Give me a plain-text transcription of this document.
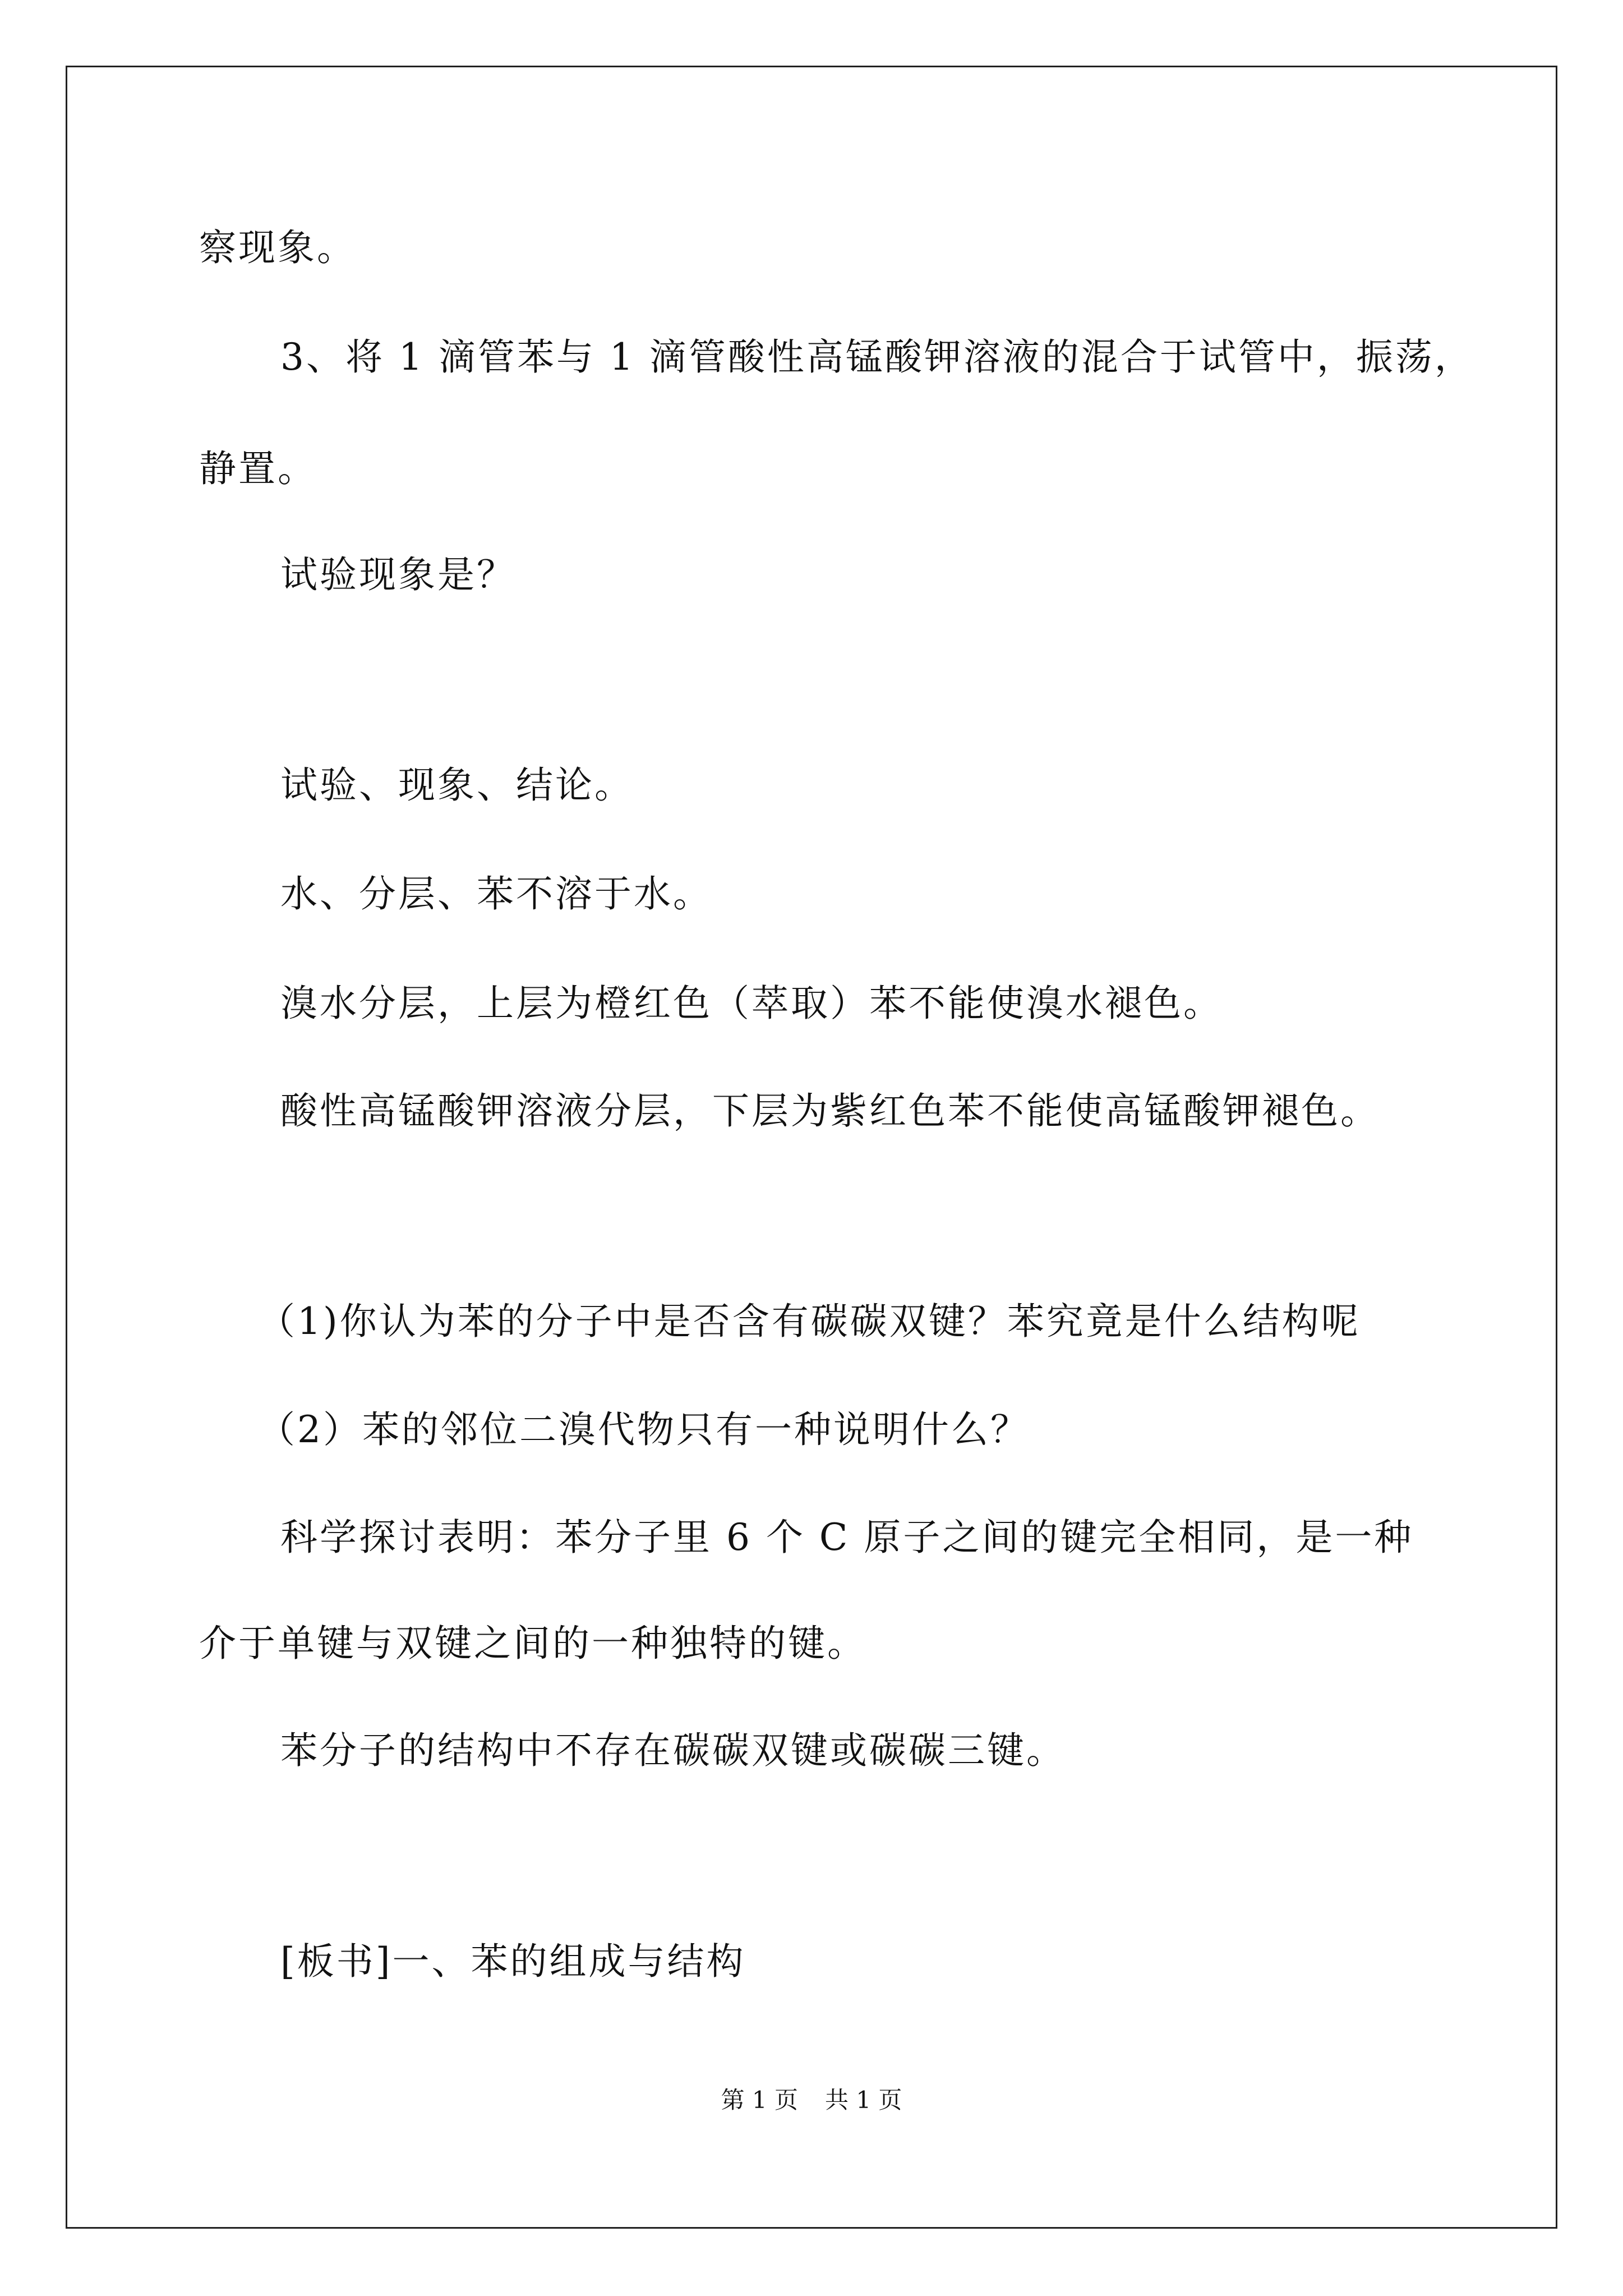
察现象。
3、将 1 滴管苯与 1 滴管酸性高锰酸钾溶液的混合于试管中，振荡，
静置。
试验现象是？
试验、现象、结论。
水、分层、苯不溶于水。
溴水分层，上层为橙红色（萃取）苯不能使溴水褪色。
酸性高锰酸钾溶液分层，下层为紫红色苯不能使高锰酸钾褪色。
（1)你认为苯的分子中是否含有碳碳双键？苯究竟是什么结构呢
（2）苯的邻位二溴代物只有一种说明什么？
科学探讨表明：苯分子里 6 个 C 原子之间的键完全相同，是一种
介于单键与双键之间的一种独特的键。
苯分子的结构中不存在碳碳双键或碳碳三键。
[板书]一、苯的组成与结构
第 1 页 共 1 页
